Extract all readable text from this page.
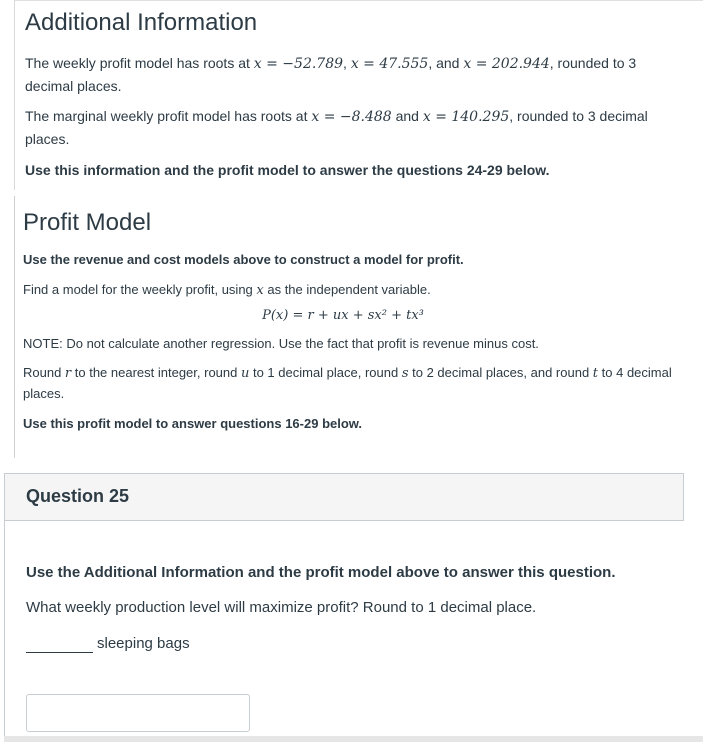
Additional Information

The weekly profit model has roots at x = −52.789, x = 47.555, and x = 202.944, rounded to 3 decimal places.

The marginal weekly profit model has roots at x = −8.488 and x = 140.295, rounded to 3 decimal places.

Use this information and the profit model to answer the questions 24-29 below.

Profit Model

Use the revenue and cost models above to construct a model for profit.

Find a model for the weekly profit, using x as the independent variable.

P(x) = r + ux + sx² + tx³

NOTE: Do not calculate another regression. Use the fact that profit is revenue minus cost.

Round r to the nearest integer, round u to 1 decimal place, round s to 2 decimal places, and round t to 4 decimal places.

Use this profit model to answer questions 16-29 below.

Question 25
Use the Additional Information and the profit model above to answer this question.
What weekly production level will maximize profit? Round to 1 decimal place.
sleeping bags
